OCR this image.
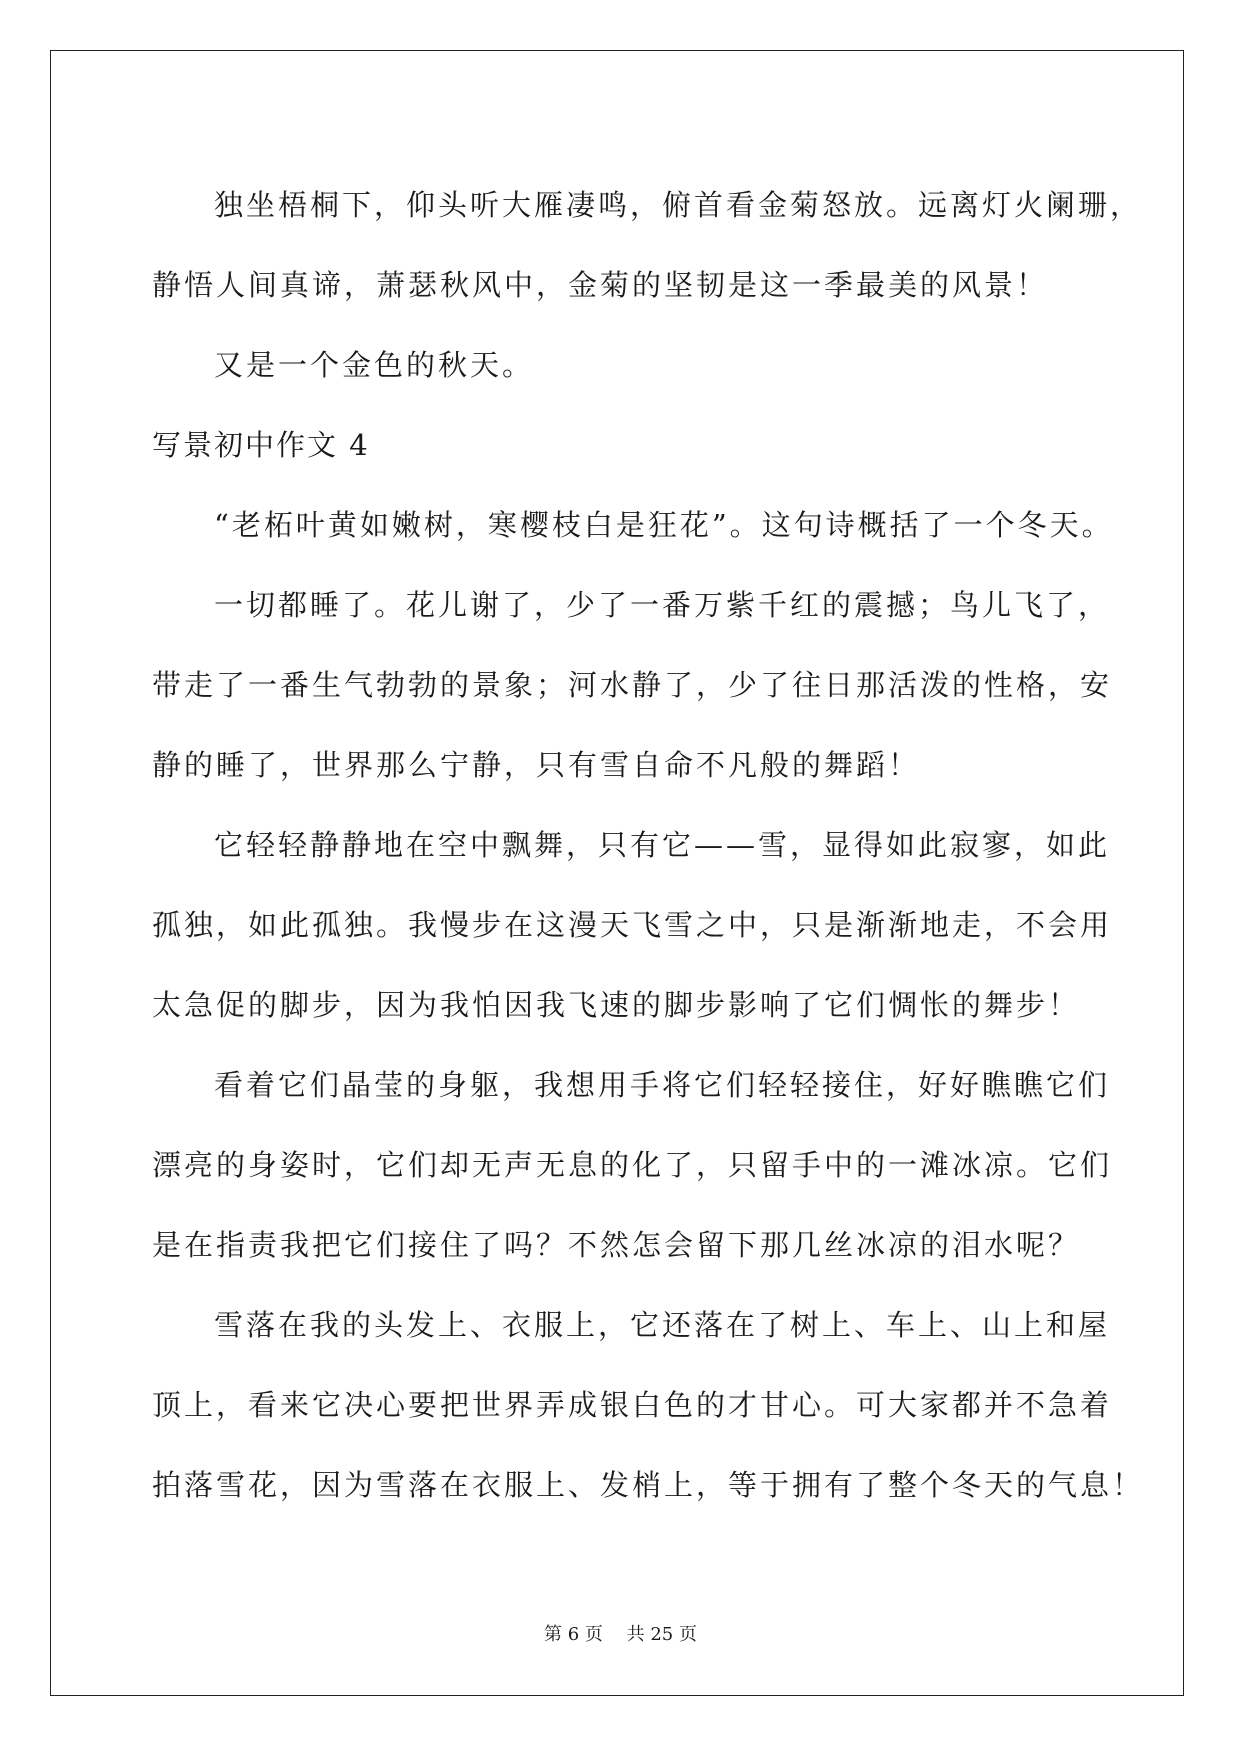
独坐梧桐下，仰头听大雁凄鸣，俯首看金菊怒放。远离灯火阑珊，

静悟人间真谛，萧瑟秋风中，金菊的坚韧是这一季最美的风景！

又是一个金色的秋天。

写景初中作文 4

“老柘叶黄如嫩树，寒樱枝白是狂花”。这句诗概括了一个冬天。

一切都睡了。花儿谢了，少了一番万紫千红的震撼；鸟儿飞了，

带走了一番生气勃勃的景象；河水静了，少了往日那活泼的性格，安

静的睡了，世界那么宁静，只有雪自命不凡般的舞蹈！

它轻轻静静地在空中飘舞，只有它——雪，显得如此寂寥，如此

孤独，如此孤独。我慢步在这漫天飞雪之中，只是渐渐地走，不会用

太急促的脚步，因为我怕因我飞速的脚步影响了它们惆怅的舞步！

看着它们晶莹的身躯，我想用手将它们轻轻接住，好好瞧瞧它们

漂亮的身姿时，它们却无声无息的化了，只留手中的一滩冰凉。它们

是在指责我把它们接住了吗？不然怎会留下那几丝冰凉的泪水呢？

雪落在我的头发上、衣服上，它还落在了树上、车上、山上和屋

顶上，看来它决心要把世界弄成银白色的才甘心。可大家都并不急着

拍落雪花，因为雪落在衣服上、发梢上，等于拥有了整个冬天的气息！

第 6 页　 共 25 页
